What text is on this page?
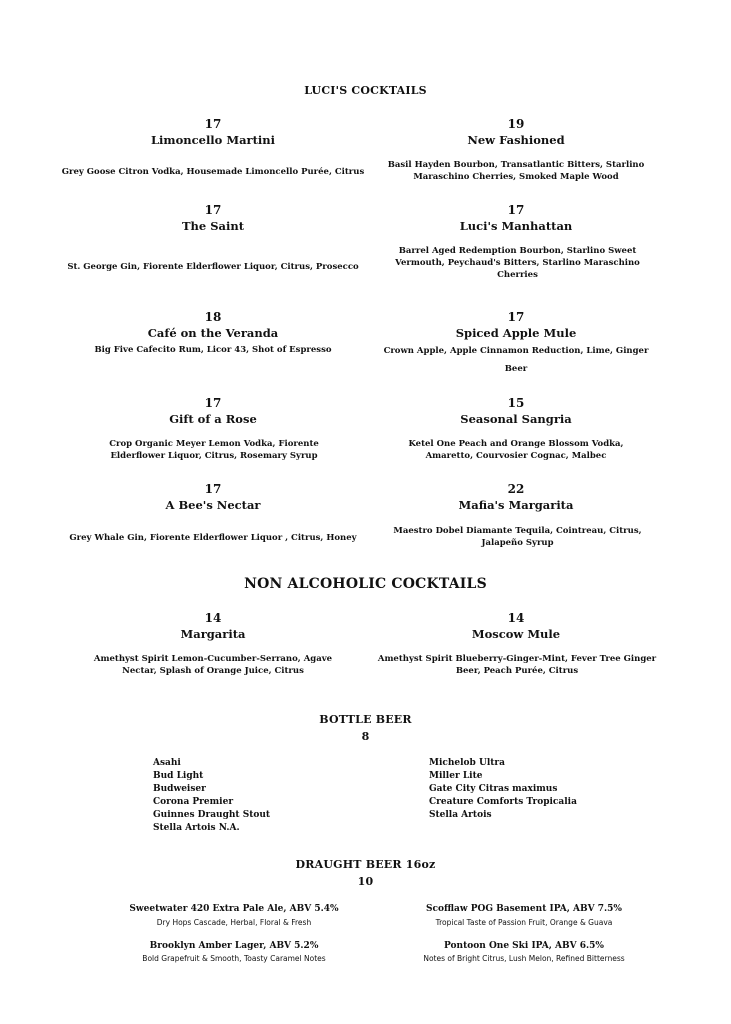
LUCI'S COCKTAILS
17
Limoncello Martini
Grey Goose Citron Vodka, Housemade Limoncello Purée, Citrus
19
New Fashioned
Basil Hayden Bourbon, Transatlantic Bitters, Starlino Maraschino Cherries, Smoked Maple Wood
17
The Saint
St. George Gin, Fiorente Elderflower Liquor, Citrus, Prosecco
17
Luci's Manhattan
Barrel Aged Redemption Bourbon, Starlino Sweet Vermouth, Peychaud's Bitters, Starlino Maraschino Cherries
18
Café on the Veranda
Big Five Cafecito Rum, Licor 43, Shot of Espresso
17
Spiced Apple Mule
Crown Apple, Apple Cinnamon Reduction, Lime, Ginger
Beer
17
Gift of a Rose
Crop Organic Meyer Lemon Vodka, Fiorente Elderflower Liquor, Citrus, Rosemary Syrup
15
Seasonal Sangria
Ketel One Peach and Orange Blossom Vodka, Amaretto, Courvosier Cognac, Malbec
17
A Bee's Nectar
Grey Whale Gin, Fiorente Elderflower Liquor , Citrus, Honey
22
Mafia's Margarita
Maestro Dobel Diamante Tequila, Cointreau, Citrus, Jalapeño Syrup
NON ALCOHOLIC COCKTAILS
14
Margarita
Amethyst Spirit Lemon-Cucumber-Serrano, Agave Nectar, Splash of Orange Juice, Citrus
14
Moscow Mule
Amethyst Spirit Blueberry-Ginger-Mint, Fever Tree Ginger Beer, Peach Purée, Citrus
BOTTLE BEER
8
Asahi
Bud Light
Budweiser
Corona Premier
Guinnes Draught Stout
Stella Artois N.A.
Michelob Ultra
Miller Lite
Gate City Citras maximus
Creature Comforts Tropicalia
Stella Artois
DRAUGHT BEER 16oz
10
Sweetwater 420 Extra Pale Ale, ABV 5.4%
Dry Hops Cascade, Herbal, Floral & Fresh
Scofflaw POG Basement IPA, ABV 7.5%
Tropical Taste of Passion Fruit, Orange & Guava
Brooklyn Amber Lager, ABV 5.2%
Bold Grapefruit & Smooth, Toasty Caramel Notes
Pontoon One Ski IPA, ABV 6.5%
Notes of Bright Citrus, Lush Melon, Refined Bitterness
